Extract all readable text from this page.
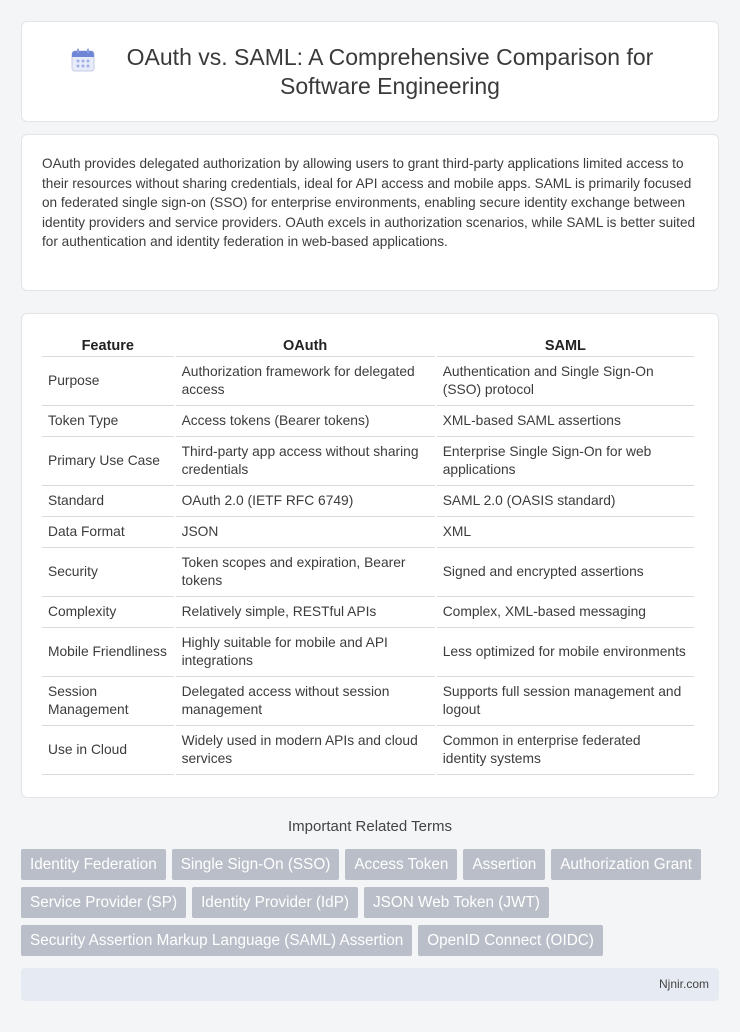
OAuth vs. SAML: A Comprehensive Comparison for Software Engineering

OAuth provides delegated authorization by allowing users to grant third-party applications limited access to their resources without sharing credentials, ideal for API access and mobile apps. SAML is primarily focused on federated single sign-on (SSO) for enterprise environments, enabling secure identity exchange between identity providers and service providers. OAuth excels in authorization scenarios, while SAML is better suited for authentication and identity federation in web-based applications.

Feature	OAuth	SAML
Purpose	Authorization framework for delegated access	Authentication and Single Sign-On (SSO) protocol
Token Type	Access tokens (Bearer tokens)	XML-based SAML assertions
Primary Use Case	Third-party app access without sharing credentials	Enterprise Single Sign-On for web applications
Standard	OAuth 2.0 (IETF RFC 6749)	SAML 2.0 (OASIS standard)
Data Format	JSON	XML
Security	Token scopes and expiration, Bearer tokens	Signed and encrypted assertions
Complexity	Relatively simple, RESTful APIs	Complex, XML-based messaging
Mobile Friendliness	Highly suitable for mobile and API integrations	Less optimized for mobile environments
Session Management	Delegated access without session management	Supports full session management and logout
Use in Cloud	Widely used in modern APIs and cloud services	Common in enterprise federated identity systems
Important Related Terms
Identity Federation	Single Sign-On (SSO)	Access Token	Assertion	Authorization Grant
Service Provider (SP)	Identity Provider (IdP)	JSON Web Token (JWT)
Security Assertion Markup Language (SAML) Assertion	OpenID Connect (OIDC)
Njnir.com
